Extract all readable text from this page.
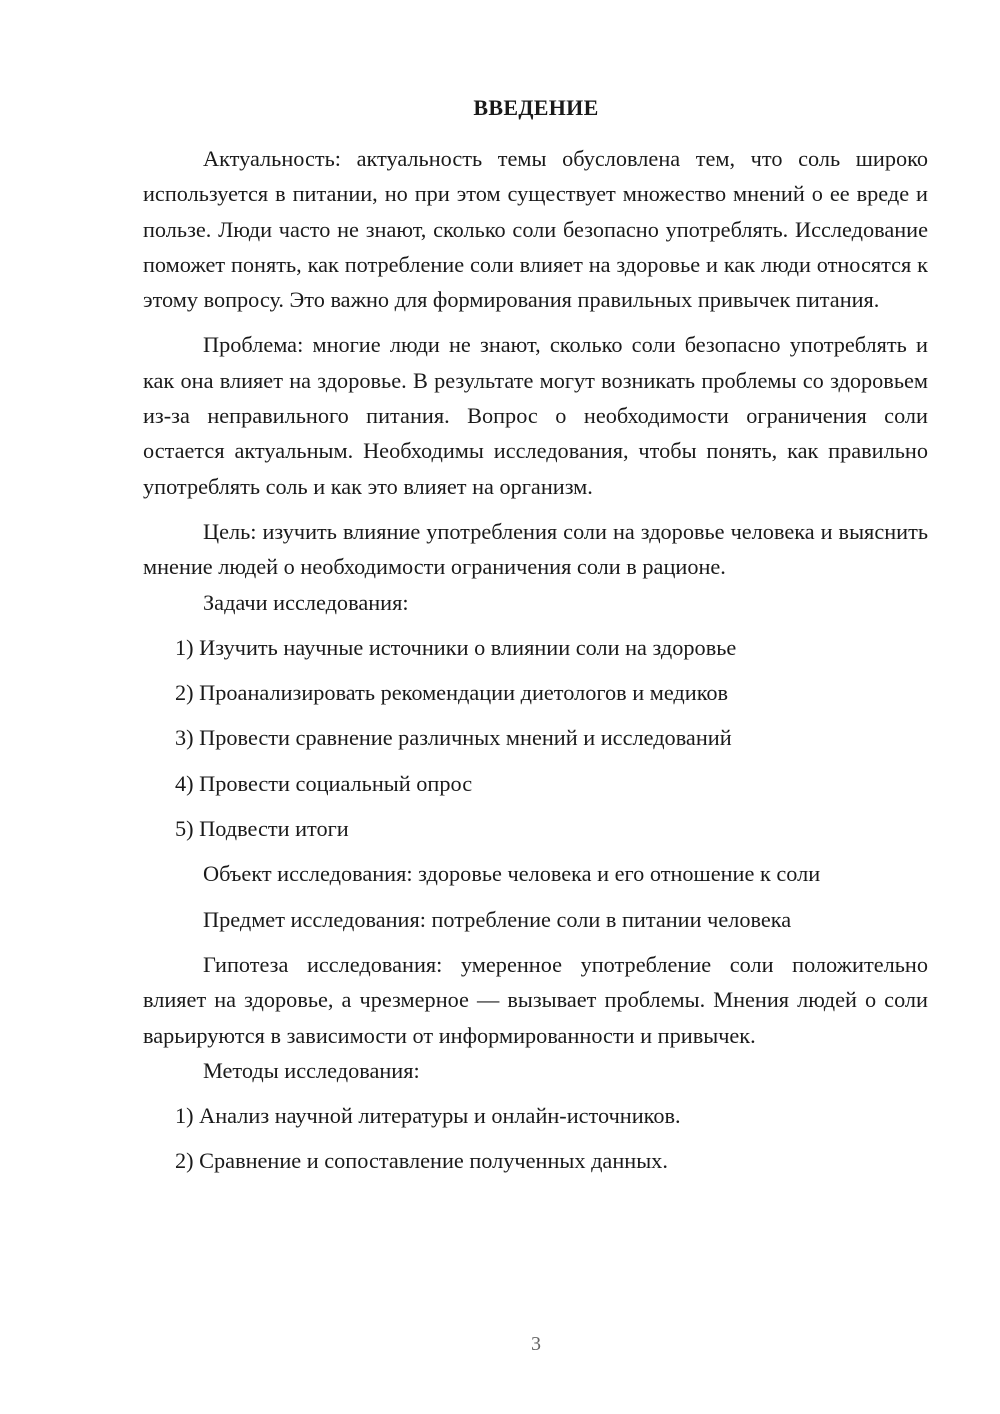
ВВЕДЕНИЕ

Актуальность: актуальность темы обусловлена тем, что соль широко используется в питании, но при этом существует множество мнений о ее вреде и пользе. Люди часто не знают, сколько соли безопасно употреблять. Исследование поможет понять, как потребление соли влияет на здоровье и как люди относятся к этому вопросу. Это важно для формирования правильных привычек питания.

Проблема: многие люди не знают, сколько соли безопасно употреблять и как она влияет на здоровье. В результате могут возникать проблемы со здоровьем из-за неправильного питания. Вопрос о необходимости ограничения соли остается актуальным. Необходимы исследования, чтобы понять, как правильно употреблять соль и как это влияет на организм.

Цель: изучить влияние употребления соли на здоровье человека и выяснить мнение людей о необходимости ограничения соли в рационе.

Задачи исследования:

1) Изучить научные источники о влиянии соли на здоровье

2) Проанализировать рекомендации диетологов и медиков

3) Провести сравнение различных мнений и исследований

4) Провести социальный опрос

5) Подвести итоги

Объект исследования: здоровье человека и его отношение к соли

Предмет исследования: потребление соли в питании человека

Гипотеза исследования: умеренное употребление соли положительно влияет на здоровье, а чрезмерное — вызывает проблемы. Мнения людей о соли варьируются в зависимости от информированности и привычек.

Методы исследования:

1) Анализ научной литературы и онлайн-источников.

2) Сравнение и сопоставление полученных данных.

3
